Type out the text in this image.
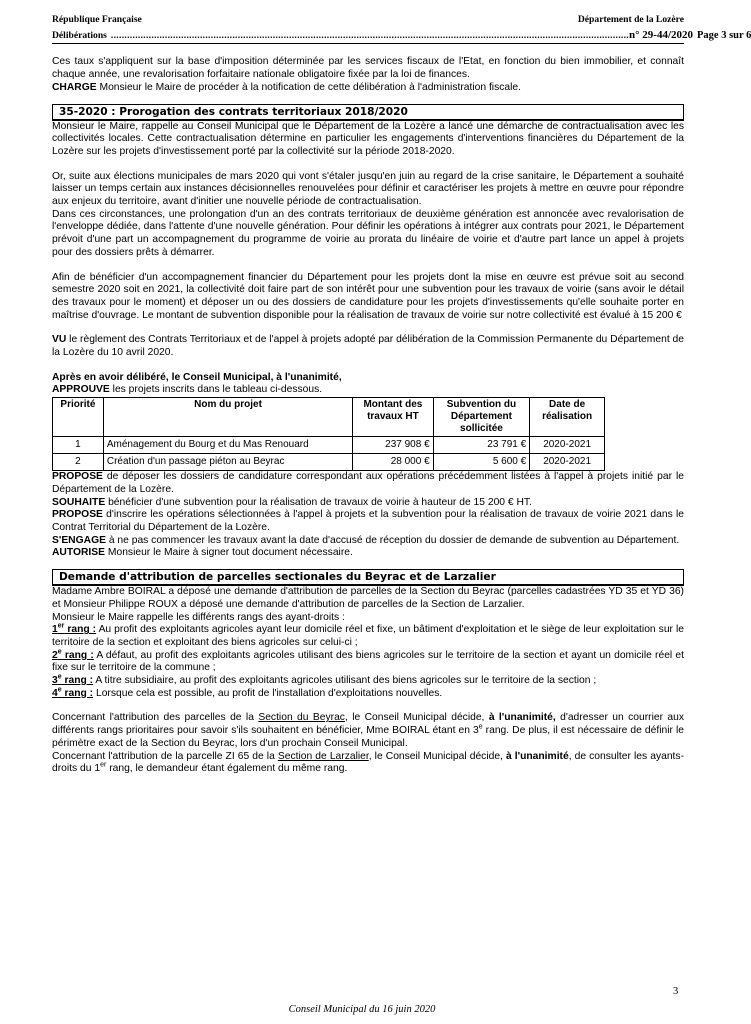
République Française	Département de la Lozère
Délibérations ................................................................................................................................................................................................ n° 29-44/2020 Page 3 sur 6

Ces taux s'appliquent sur la base d'imposition déterminée par les services fiscaux de l'Etat, en fonction du bien immobilier, et connaît chaque année, une revalorisation forfaitaire nationale obligatoire fixée par la loi de finances.

CHARGE Monsieur le Maire de procéder à la notification de cette délibération à l'administration fiscale.

35-2020 : Prorogation des contrats territoriaux 2018/2020

Monsieur le Maire, rappelle au Conseil Municipal que le Département de la Lozère a lancé une démarche de contractualisation avec les collectivités locales. Cette contractualisation détermine en particulier les engagements d'interventions financières du Département de la Lozère sur les projets d'investissement porté par la collectivité sur la période 2018-2020.

Or, suite aux élections municipales de mars 2020 qui vont s'étaler jusqu'en juin au regard de la crise sanitaire, le Département a souhaité laisser un temps certain aux instances décisionnelles renouvelées pour définir et caractériser les projets à mettre en œuvre pour répondre aux enjeux du territoire, avant d'initier une nouvelle période de contractualisation.

Dans ces circonstances, une prolongation d'un an des contrats territoriaux de deuxième génération est annoncée avec revalorisation de l'enveloppe dédiée, dans l'attente d'une nouvelle génération. Pour définir les opérations à intégrer aux contrats pour 2021, le Département prévoit d'une part un accompagnement du programme de voirie au prorata du linéaire de voirie et d'autre part lance un appel à projets pour des dossiers prêts à démarrer.

Afin de bénéficier d'un accompagnement financier du Département pour les projets dont la mise en œuvre est prévue soit au second semestre 2020 soit en 2021, la collectivité doit faire part de son intérêt pour une subvention pour les travaux de voirie (sans avoir le détail des travaux pour le moment) et déposer un ou des dossiers de candidature pour les projets d'investissements qu'elle souhaite porter en maîtrise d'ouvrage. Le montant de subvention disponible pour la réalisation de travaux de voirie sur notre collectivité est évalué à 15 200 €

VU le règlement des Contrats Territoriaux et de l'appel à projets adopté par délibération de la Commission Permanente du Département de la Lozère du 10 avril 2020.

Après en avoir délibéré, le Conseil Municipal, à l'unanimité,

APPROUVE les projets inscrits dans le tableau ci-dessous.

Priorité	Nom du projet	Montant des travaux HT	Subvention du Département sollicitée	Date de réalisation
1	Aménagement du Bourg et du Mas Renouard	237 908 €	23 791 €	2020-2021
2	Création d'un passage piéton au Beyrac	28 000 €	5 600 €	2020-2021

PROPOSE de déposer les dossiers de candidature correspondant aux opérations précédemment listées à l'appel à projets initié par le Département de la Lozère.

SOUHAITE bénéficier d'une subvention pour la réalisation de travaux de voirie à hauteur de 15 200 € HT.

PROPOSE d'inscrire les opérations sélectionnées à l'appel à projets et la subvention pour la réalisation de travaux de voirie 2021 dans le Contrat Territorial du Département de la Lozère.

S'ENGAGE à ne pas commencer les travaux avant la date d'accusé de réception du dossier de demande de subvention au Département.

AUTORISE Monsieur le Maire à signer tout document nécessaire.

Demande d'attribution de parcelles sectionales du Beyrac et de Larzalier

Madame Ambre BOIRAL a déposé une demande d'attribution de parcelles de la Section du Beyrac (parcelles cadastrées YD 35 et YD 36) et Monsieur Philippe ROUX a déposé une demande d'attribution de parcelles de la Section de Larzalier.

Monsieur le Maire rappelle les différents rangs des ayant-droits :

1er rang : Au profit des exploitants agricoles ayant leur domicile réel et fixe, un bâtiment d'exploitation et le siège de leur exploitation sur le territoire de la section et exploitant des biens agricoles sur celui-ci ;

2e rang : A défaut, au profit des exploitants agricoles utilisant des biens agricoles sur le territoire de la section et ayant un domicile réel et fixe sur le territoire de la commune ;

3e rang : A titre subsidiaire, au profit des exploitants agricoles utilisant des biens agricoles sur le territoire de la section ;

4e rang : Lorsque cela est possible, au profit de l'installation d'exploitations nouvelles.

Concernant l'attribution des parcelles de la Section du Beyrac, le Conseil Municipal décide, à l'unanimité, d'adresser un courrier aux différents rangs prioritaires pour savoir s'ils souhaitent en bénéficier, Mme BOIRAL étant en 3e rang. De plus, il est nécessaire de définir le périmètre exact de la Section du Beyrac, lors d'un prochain Conseil Municipal.

Concernant l'attribution de la parcelle ZI 65 de la Section de Larzalier, le Conseil Municipal décide, à l'unanimité, de consulter les ayants-droits du 1er rang, le demandeur étant également du même rang.

3
Conseil Municipal du 16 juin 2020
